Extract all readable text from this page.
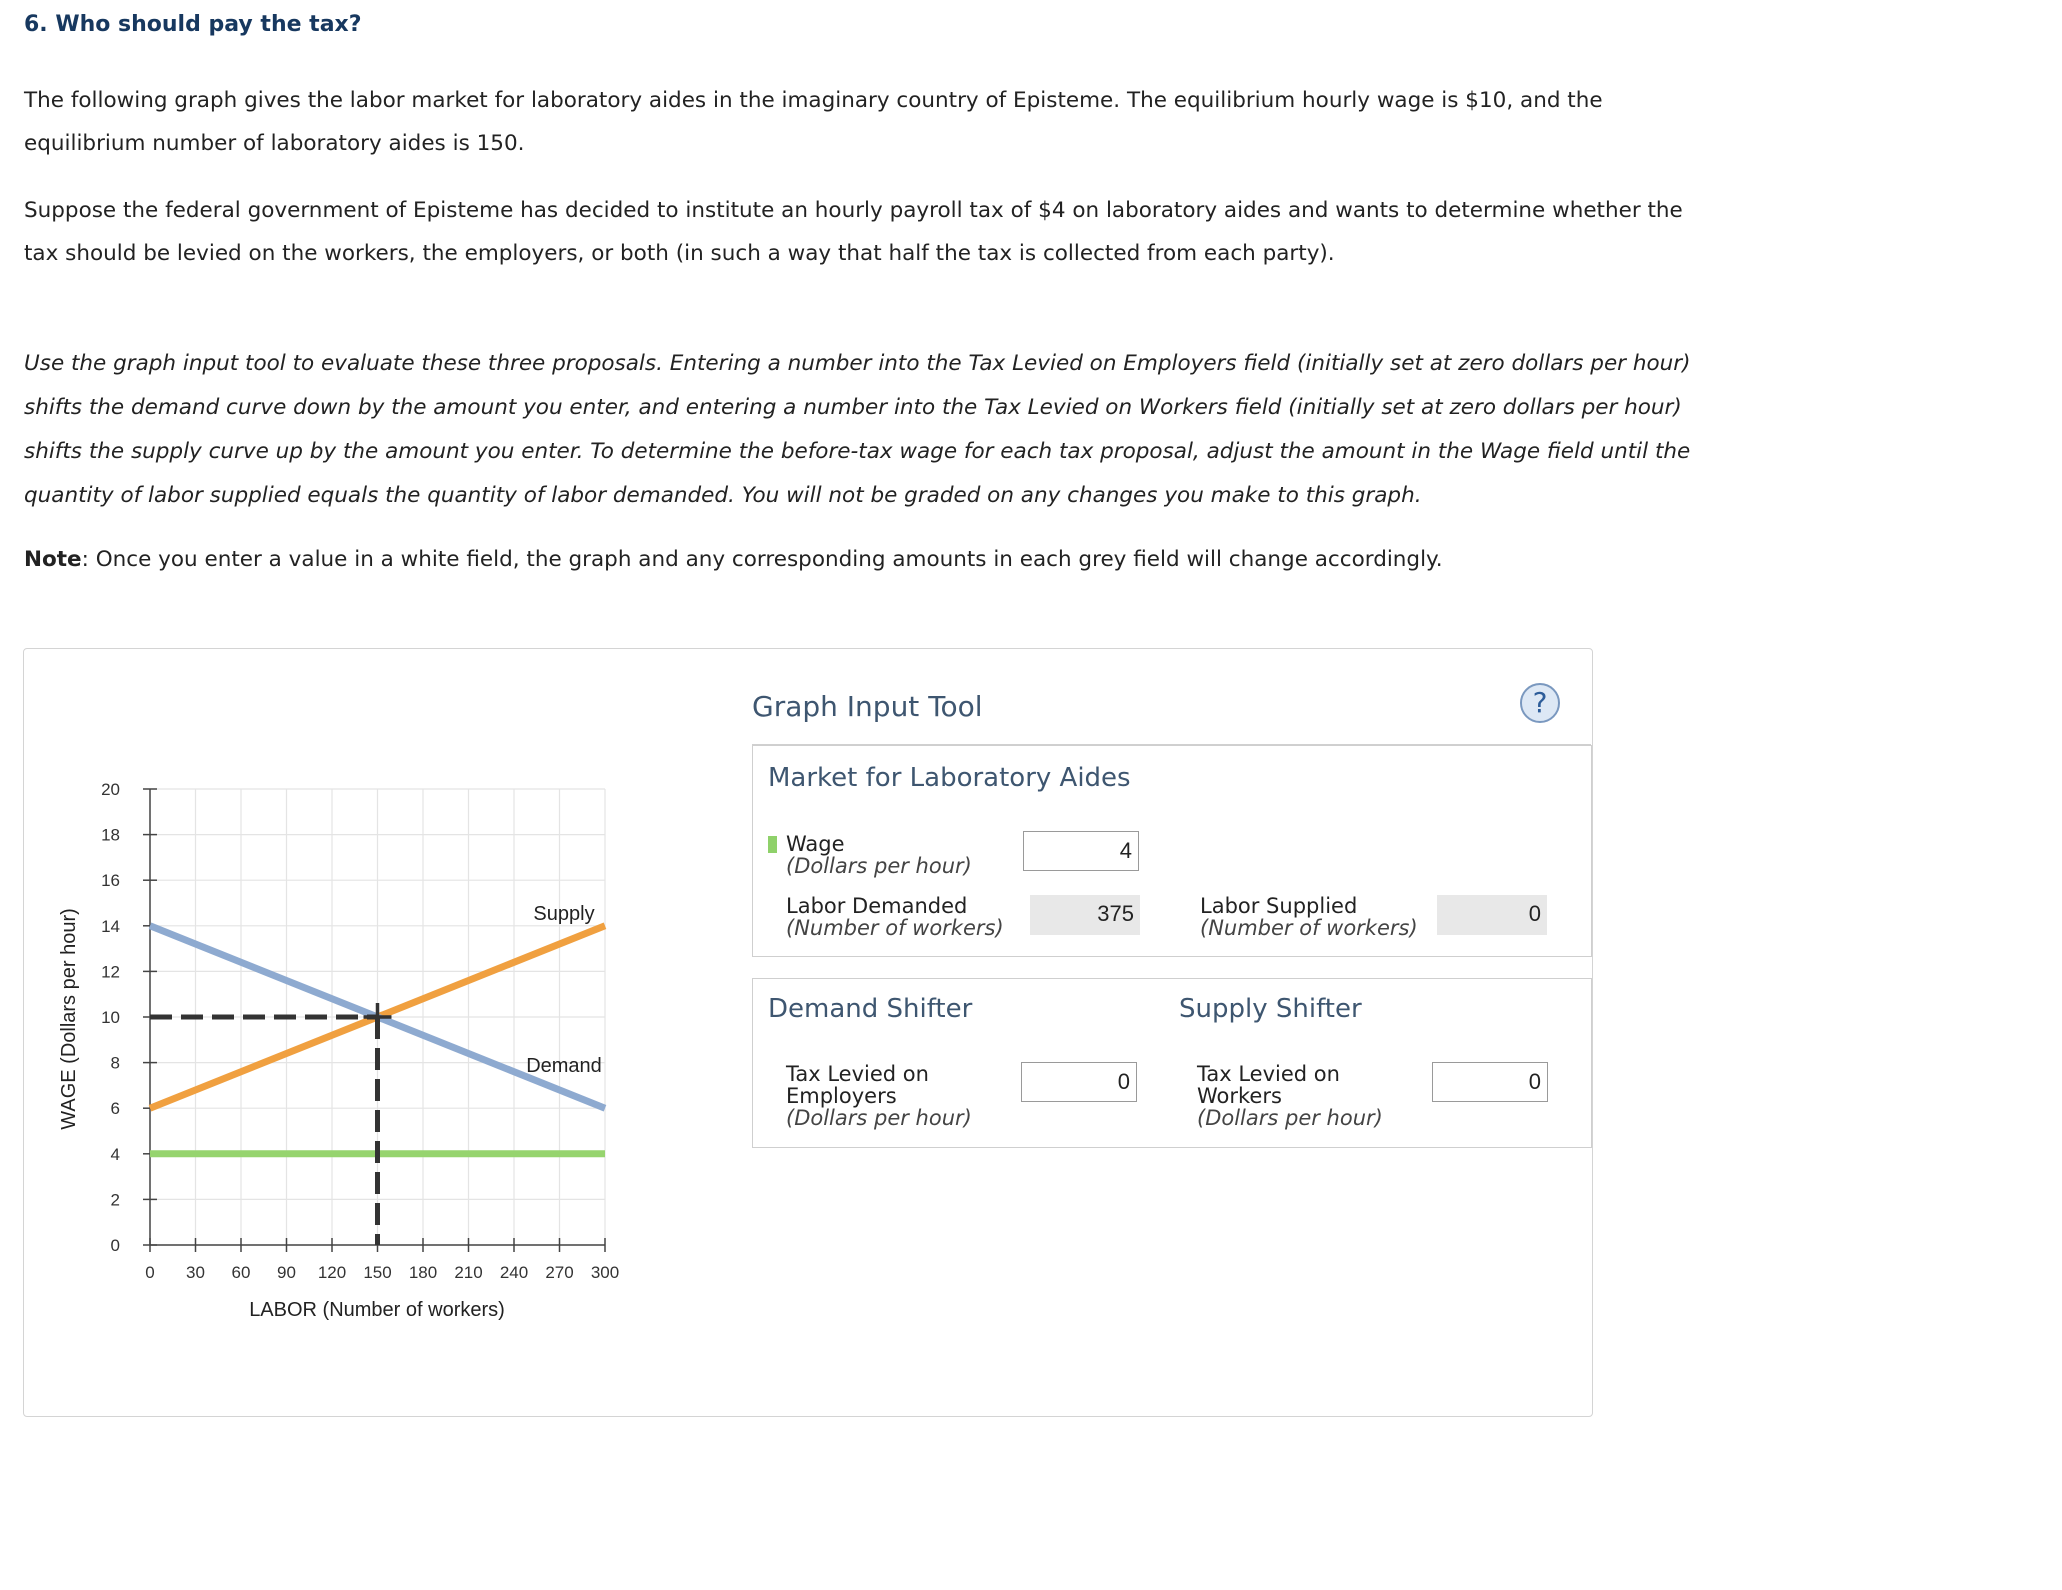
6. Who should pay the tax?

The following graph gives the labor market for laboratory aides in the imaginary country of Episteme. The equilibrium hourly wage is $10, and the equilibrium number of laboratory aides is 150.

Suppose the federal government of Episteme has decided to institute an hourly payroll tax of $4 on laboratory aides and wants to determine whether the tax should be levied on the workers, the employers, or both (in such a way that half the tax is collected from each party).

Use the graph input tool to evaluate these three proposals. Entering a number into the Tax Levied on Employers field (initially set at zero dollars per hour) shifts the demand curve down by the amount you enter, and entering a number into the Tax Levied on Workers field (initially set at zero dollars per hour) shifts the supply curve up by the amount you enter. To determine the before-tax wage for each tax proposal, adjust the amount in the Wage field until the quantity of labor supplied equals the quantity of labor demanded. You will not be graded on any changes you make to this graph.

Note: Once you enter a value in a white field, the graph and any corresponding amounts in each grey field will change accordingly.

0
2
4
6
8
10
12
14
16
18
20
0 30 60 90 120 150 180 210 240 270 300
LABOR (Number of workers)
WAGE (Dollars per hour)	Supply
Demand
Graph Input Tool	?
Market for Laboratory Aides
Wage
(Dollars per hour)
4
Labor Demanded
(Number of workers)
375	Labor Supplied
(Number of workers)
0
Demand Shifter	Supply Shifter
Tax Levied on
Employers
(Dollars per hour)
0	Tax Levied on
Workers
(Dollars per hour)
0
